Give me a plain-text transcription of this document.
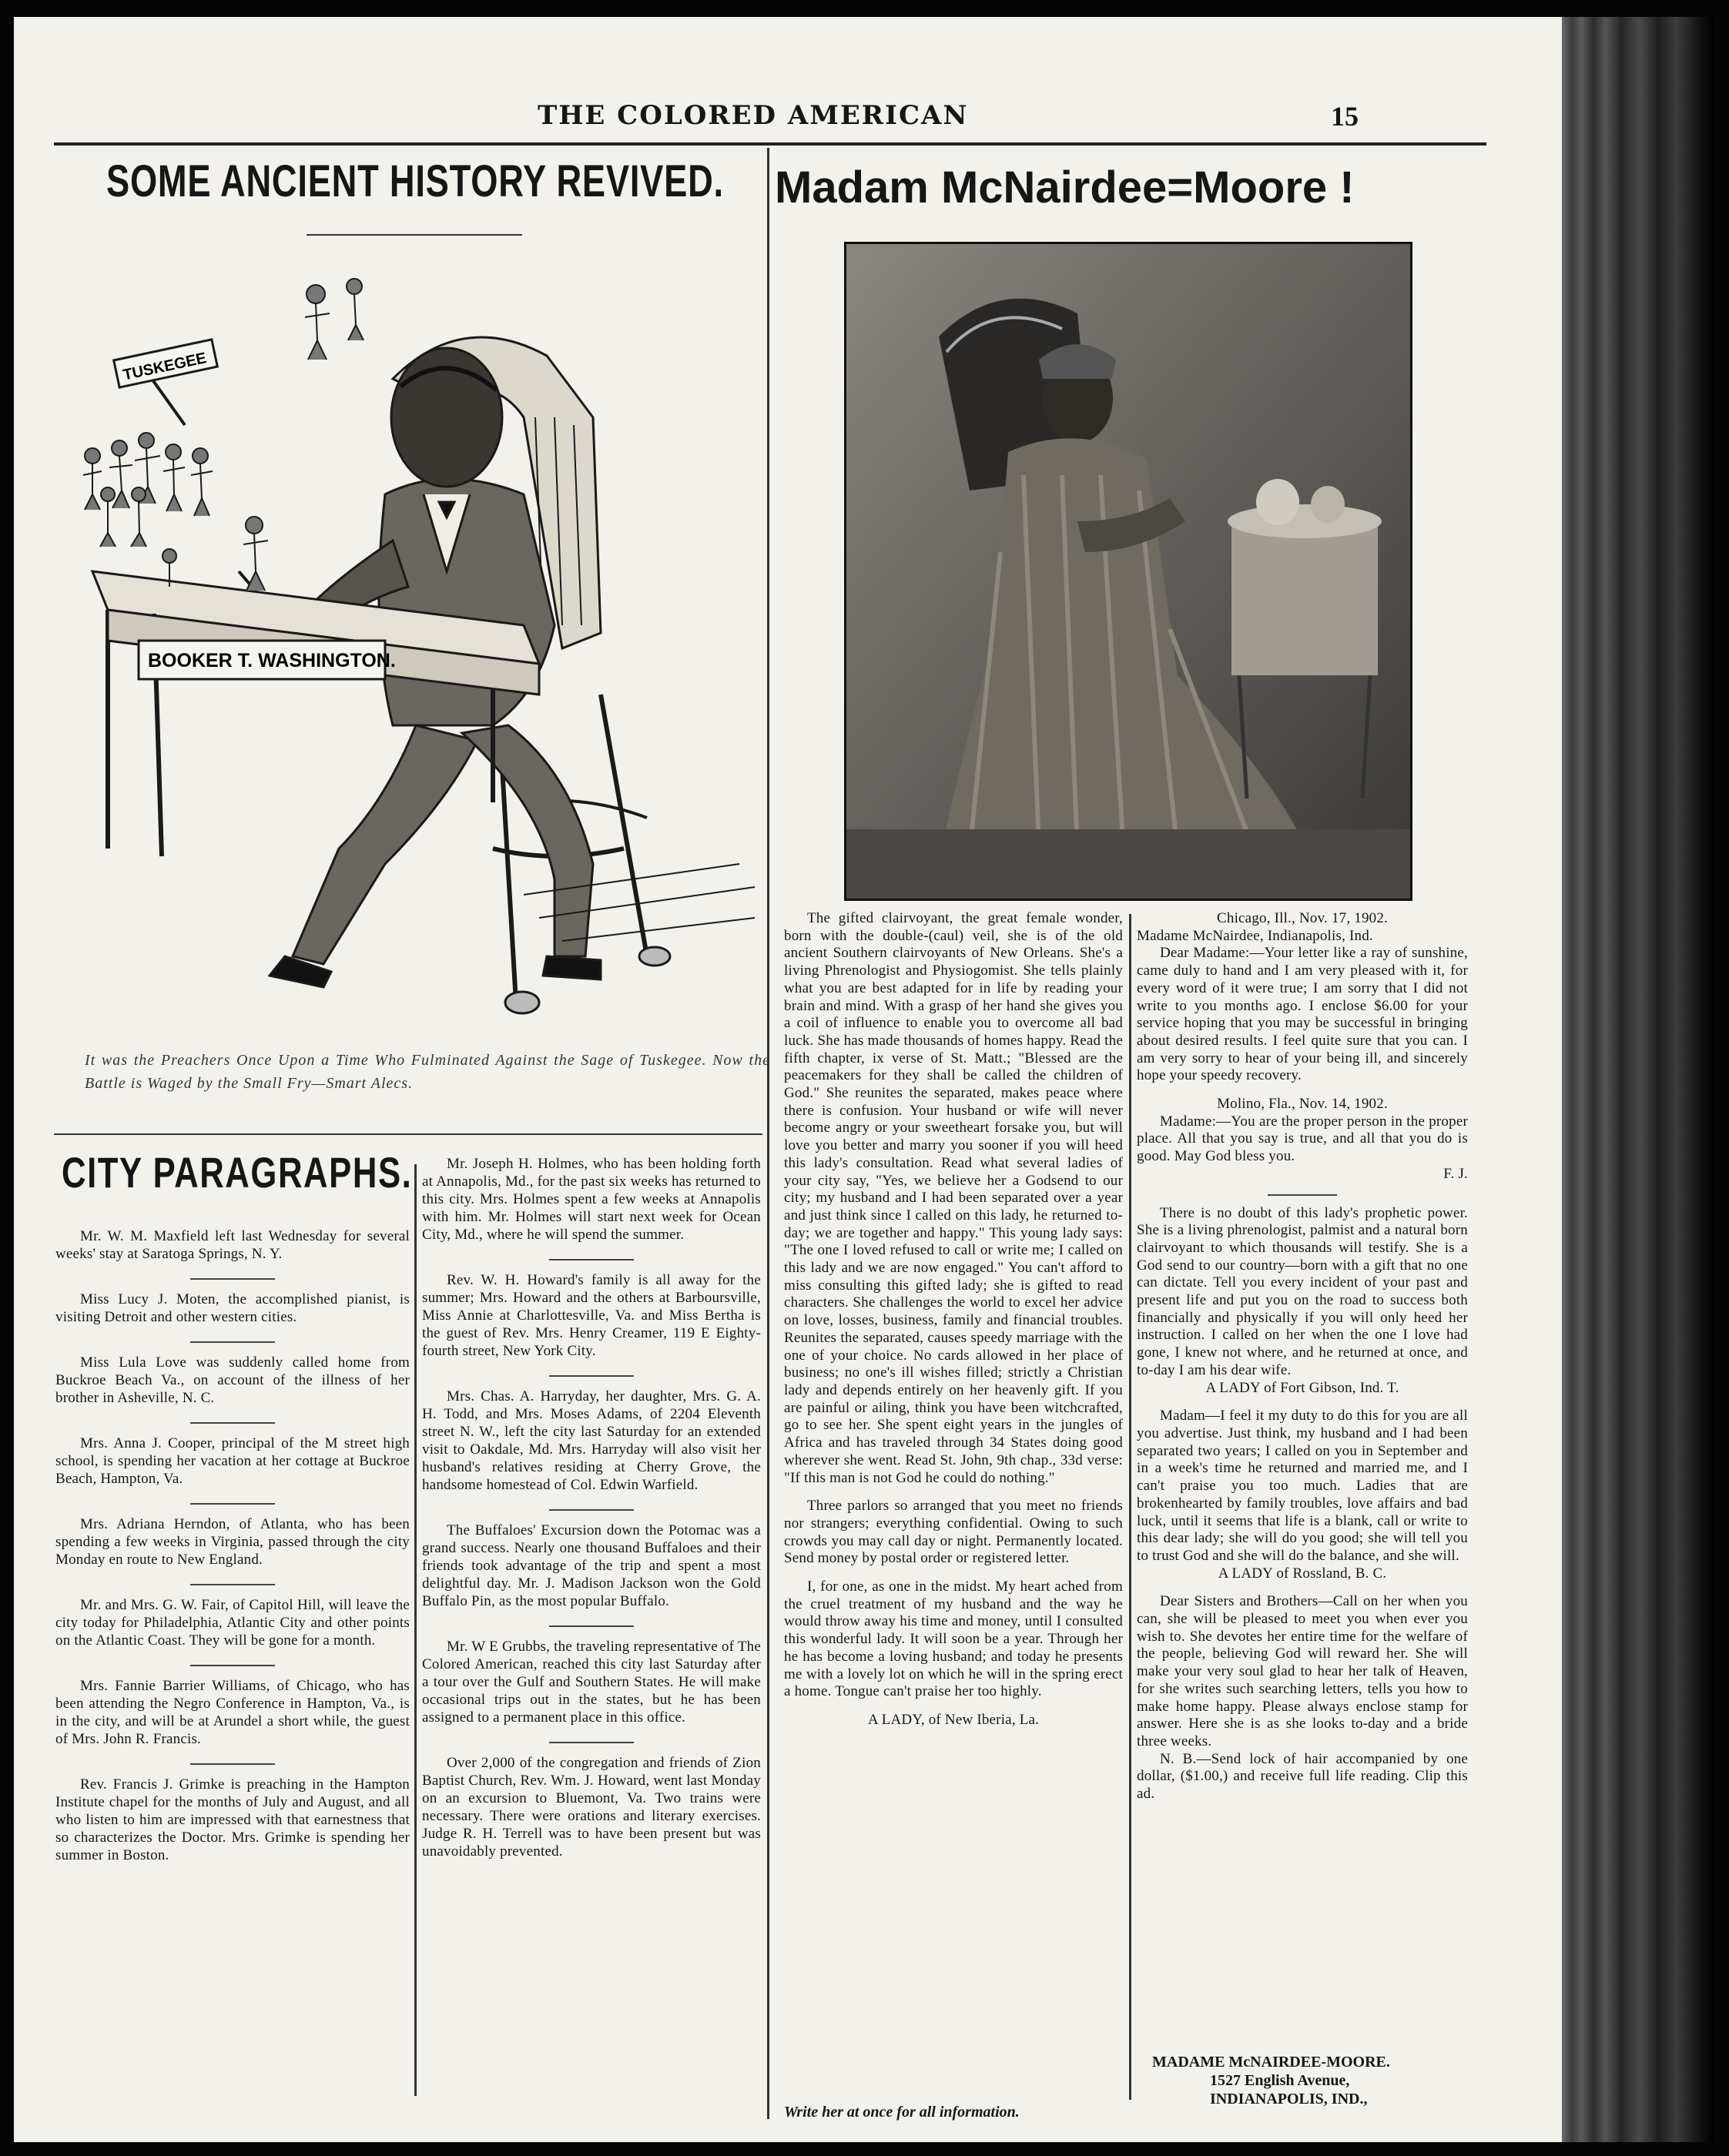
THE COLORED AMERICAN	15
SOME ANCIENT HISTORY REVIVED.
TUSKEGEE
BOOKER T. WASHINGTON.
It was the Preachers Once Upon a Time Who Fulminated Against the Sage of Tuskegee. Now the Battle is Waged by the Small Fry—Smart Alecs.
CITY PARAGRAPHS.

Mr. W. M. Maxfield left last Wednesday for several weeks' stay at Saratoga Springs, N. Y.

Miss Lucy J. Moten, the accomplished pianist, is visiting Detroit and other western cities.

Miss Lula Love was suddenly called home from Buckroe Beach Va., on account of the illness of her brother in Asheville, N. C.

Mrs. Anna J. Cooper, principal of the M street high school, is spending her vacation at her cottage at Buckroe Beach, Hampton, Va.

Mrs. Adriana Herndon, of Atlanta, who has been spending a few weeks in Virginia, passed through the city Monday en route to New England.

Mr. and Mrs. G. W. Fair, of Capitol Hill, will leave the city today for Philadelphia, Atlantic City and other points on the Atlantic Coast. They will be gone for a month.

Mrs. Fannie Barrier Williams, of Chicago, who has been attending the Negro Conference in Hampton, Va., is in the city, and will be at Arundel a short while, the guest of Mrs. John R. Francis.

Rev. Francis J. Grimke is preaching in the Hampton Institute chapel for the months of July and August, and all who listen to him are impressed with that earnestness that so characterizes the Doctor. Mrs. Grimke is spending her summer in Boston.

Mr. Joseph H. Holmes, who has been holding forth at Annapolis, Md., for the past six weeks has returned to this city. Mrs. Holmes spent a few weeks at Annapolis with him. Mr. Holmes will start next week for Ocean City, Md., where he will spend the summer.

Rev. W. H. Howard's family is all away for the summer; Mrs. Howard and the others at Barboursville, Miss Annie at Charlottesville, Va. and Miss Bertha is the guest of Rev. Mrs. Henry Creamer, 119 E Eighty-fourth street, New York City.

Mrs. Chas. A. Harryday, her daughter, Mrs. G. A. H. Todd, and Mrs. Moses Adams, of 2204 Eleventh street N. W., left the city last Saturday for an extended visit to Oakdale, Md. Mrs. Harryday will also visit her husband's relatives residing at Cherry Grove, the handsome homestead of Col. Edwin Warfield.

The Buffaloes' Excursion down the Potomac was a grand success. Nearly one thousand Buffaloes and their friends took advantage of the trip and spent a most delightful day. Mr. J. Madison Jackson won the Gold Buffalo Pin, as the most popular Buffalo.

Mr. W E Grubbs, the traveling representative of The Colored American, reached this city last Saturday after a tour over the Gulf and Southern States. He will make occasional trips out in the states, but he has been assigned to a permanent place in this office.

Over 2,000 of the congregation and friends of Zion Baptist Church, Rev. Wm. J. Howard, went last Monday on an excursion to Bluemont, Va. Two trains were necessary. There were orations and literary exercises. Judge R. H. Terrell was to have been present but was unavoidably prevented.

Madam McNairdee=Moore !

The gifted clairvoyant, the great female wonder, born with the double-(caul) veil, she is of the old ancient Southern clairvoyants of New Orleans. She's a living Phrenologist and Physiogomist. She tells plainly what you are best adapted for in life by reading your brain and mind. With a grasp of her hand she gives you a coil of influence to enable you to overcome all bad luck. She has made thousands of homes happy. Read the fifth chapter, ix verse of St. Matt.; "Blessed are the peacemakers for they shall be called the children of God." She reunites the separated, makes peace where there is confusion. Your husband or wife will never become angry or your sweetheart forsake you, but will love you better and marry you sooner if you will heed this lady's consultation. Read what several ladies of your city say, "Yes, we believe her a Godsend to our city; my husband and I had been separated over a year and just think since I called on this lady, he returned to-day; we are together and happy." This young lady says: "The one I loved refused to call or write me; I called on this lady and we are now engaged." You can't afford to miss consulting this gifted lady; she is gifted to read characters. She challenges the world to excel her advice on love, losses, business, family and financial troubles. Reunites the separated, causes speedy marriage with the one of your choice. No cards allowed in her place of business; no one's ill wishes filled; strictly a Christian lady and depends entirely on her heavenly gift. If you are painful or ailing, think you have been witchcrafted, go to see her. She spent eight years in the jungles of Africa and has traveled through 34 States doing good wherever she went. Read St. John, 9th chap., 33d verse: "If this man is not God he could do nothing."

Three parlors so arranged that you meet no friends nor strangers; everything confidential. Owing to such crowds you may call day or night. Permanently located. Send money by postal order or registered letter.

I, for one, as one in the midst. My heart ached from the cruel treatment of my husband and the way he would throw away his time and money, until I consulted this wonderful lady. It will soon be a year. Through her he has become a loving husband; and today he presents me with a lovely lot on which he will in the spring erect a home. Tongue can't praise her too highly.

A LADY, of New Iberia, La.

Chicago, Ill., Nov. 17, 1902.

Madame McNairdee, Indianapolis, Ind.

Dear Madame:—Your letter like a ray of sunshine, came duly to hand and I am very pleased with it, for every word of it were true; I am sorry that I did not write to you months ago. I enclose $6.00 for your service hoping that you may be successful in bringing about desired results. I feel quite sure that you can. I am very sorry to hear of your being ill, and sincerely hope your speedy recovery.

Molino, Fla., Nov. 14, 1902.

Madame:—You are the proper person in the proper place. All that you say is true, and all that you do is good. May God bless you.

F. J.

There is no doubt of this lady's prophetic power. She is a living phrenologist, palmist and a natural born clairvoyant to which thousands will testify. She is a God send to our country—born with a gift that no one can dictate. Tell you every incident of your past and present life and put you on the road to success both financially and physically if you will only heed her instruction. I called on her when the one I love had gone, I knew not where, and he returned at once, and to-day I am his dear wife.

A LADY of Fort Gibson, Ind. T.

Madam—I feel it my duty to do this for you are all you advertise. Just think, my husband and I had been separated two years; I called on you in September and in a week's time he returned and married me, and I can't praise you too much. Ladies that are brokenhearted by family troubles, love affairs and bad luck, until it seems that life is a blank, call or write to this dear lady; she will do you good; she will tell you to trust God and she will do the balance, and she will.

A LADY of Rossland, B. C.

Dear Sisters and Brothers—Call on her when you can, she will be pleased to meet you when ever you wish to. She devotes her entire time for the welfare of the people, believing God will reward her. She will make your very soul glad to hear her talk of Heaven, for she writes such searching letters, tells you how to make home happy. Please always enclose stamp for answer. Here she is as she looks to-day and a bride three weeks.

N. B.—Send lock of hair accompanied by one dollar, ($1.00,) and receive full life reading. Clip this ad.

MADAME McNAIRDEE-MOORE.
1527 English Avenue,
INDIANAPOLIS, IND.,
Write her at once for all information.
